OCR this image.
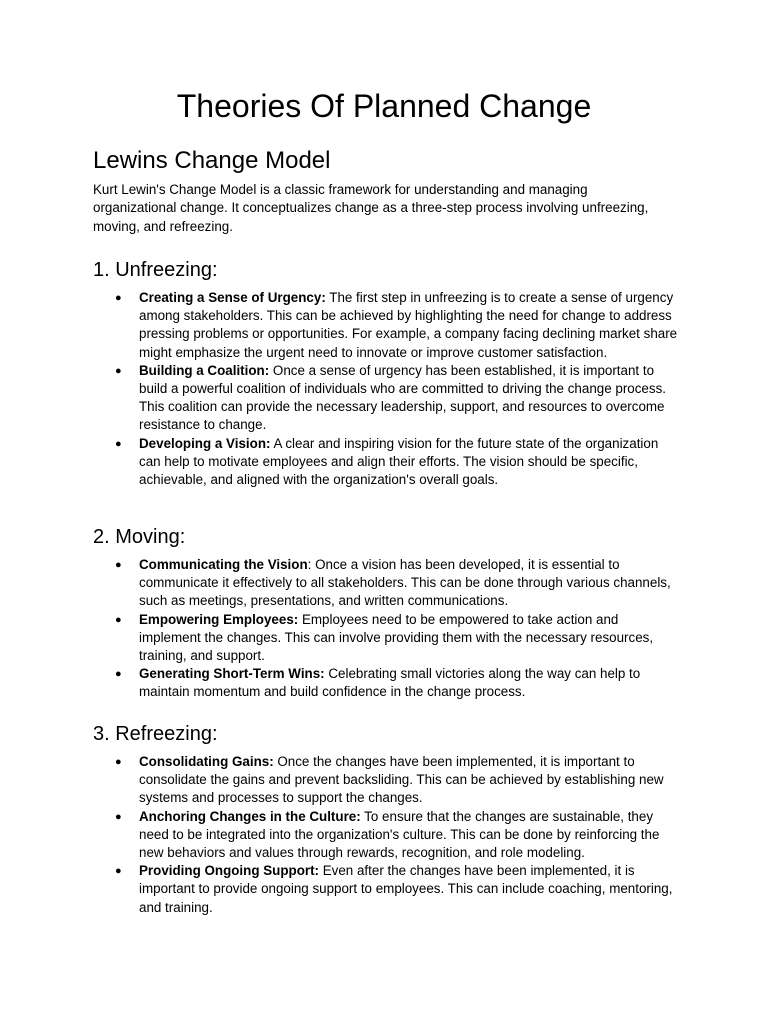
Theories Of Planned Change
Lewins Change Model

Kurt Lewin's Change Model is a classic framework for understanding and managing organizational change. It conceptualizes change as a three-step process involving unfreezing, moving, and refreezing.

1. Unfreezing:
● Creating a Sense of Urgency: The first step in unfreezing is to create a sense of urgency among stakeholders. This can be achieved by highlighting the need for change to address pressing problems or opportunities. For example, a company facing declining market share might emphasize the urgent need to innovate or improve customer satisfaction.
● Building a Coalition: Once a sense of urgency has been established, it is important to build a powerful coalition of individuals who are committed to driving the change process. This coalition can provide the necessary leadership, support, and resources to overcome resistance to change.
● Developing a Vision: A clear and inspiring vision for the future state of the organization can help to motivate employees and align their efforts. The vision should be specific, achievable, and aligned with the organization's overall goals.
2. Moving:
● Communicating the Vision: Once a vision has been developed, it is essential to communicate it effectively to all stakeholders. This can be done through various channels, such as meetings, presentations, and written communications.
● Empowering Employees: Employees need to be empowered to take action and implement the changes. This can involve providing them with the necessary resources, training, and support.
● Generating Short-Term Wins: Celebrating small victories along the way can help to maintain momentum and build confidence in the change process.
3. Refreezing:
● Consolidating Gains: Once the changes have been implemented, it is important to consolidate the gains and prevent backsliding. This can be achieved by establishing new systems and processes to support the changes.
● Anchoring Changes in the Culture: To ensure that the changes are sustainable, they need to be integrated into the organization's culture. This can be done by reinforcing the new behaviors and values through rewards, recognition, and role modeling.
● Providing Ongoing Support: Even after the changes have been implemented, it is important to provide ongoing support to employees. This can include coaching, mentoring, and training.
